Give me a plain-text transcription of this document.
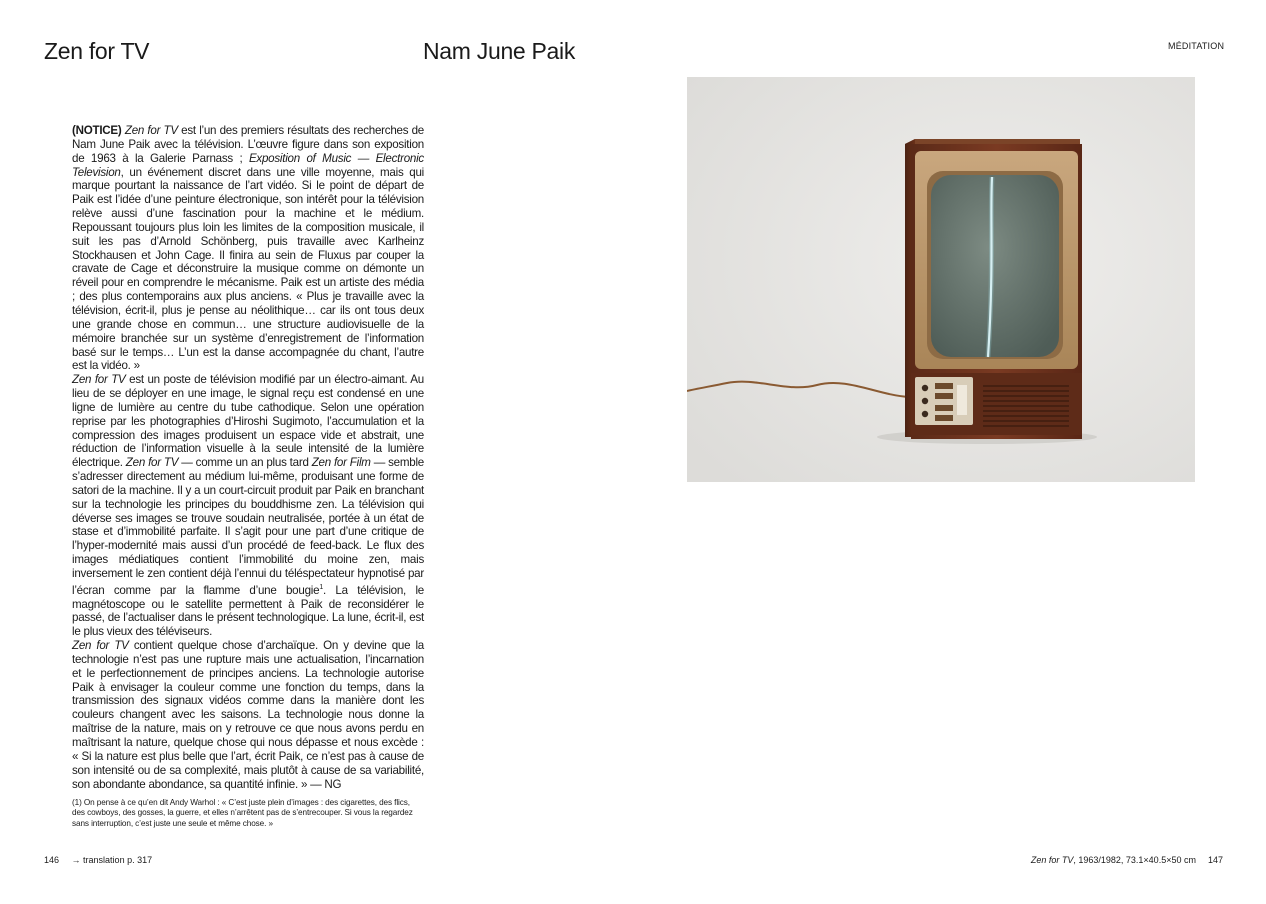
Zen for TV	Nam June Paik	MÉDITATION

(NOTICE) Zen for TV est l’un des premiers résultats des recherches de Nam June Paik avec la télévision. L’œuvre figure dans son exposition de 1963 à la Galerie Parnass ; Exposition of Music — Electronic Television, un événement discret dans une ville moyenne, mais qui marque pourtant la naissance de l’art vidéo. Si le point de départ de Paik est l’idée d’une peinture électronique, son intérêt pour la télévision relève aussi d’une fascination pour la machine et le médium. Repoussant toujours plus loin les limites de la composition musicale, il suit les pas d’Arnold Schönberg, puis travaille avec Karlheinz Stockhausen et John Cage. Il finira au sein de Fluxus par couper la cravate de Cage et déconstruire la musique comme on démonte un réveil pour en comprendre le mécanisme. Paik est un artiste des média ; des plus contemporains aux plus anciens. « Plus je travaille avec la télévision, écrit-il, plus je pense au néolithique… car ils ont tous deux une grande chose en commun… une structure audiovisuelle de la mémoire branchée sur un système d’enregistrement de l’information basé sur le temps… L’un est la danse accompagnée du chant, l’autre est la vidéo. »

Zen for TV est un poste de télévision modifié par un électro-aimant. Au lieu de se déployer en une image, le signal reçu est condensé en une ligne de lumière au centre du tube cathodique. Selon une opération reprise par les photographies d’Hiroshi Sugimoto, l’accumulation et la compression des images produisent un espace vide et abstrait, une réduction de l’information visuelle à la seule intensité de la lumière électrique. Zen for TV — comme un an plus tard Zen for Film — semble s’adresser directement au médium lui-même, produisant une forme de satori de la machine. Il y a un court-circuit produit par Paik en branchant sur la technologie les principes du bouddhisme zen. La télévision qui déverse ses images se trouve soudain neutralisée, portée à un état de stase et d’immobilité parfaite. Il s’agit pour une part d’une critique de l’hyper-modernité mais aussi d’un procédé de feed-back. Le flux des images médiatiques contient l’immobilité du moine zen, mais inversement le zen contient déjà l’ennui du téléspectateur hypnotisé par l’écran comme par la flamme d’une bougie$^1$. La télévision, le magnétoscope ou le satellite permettent à Paik de reconsidérer le passé, de l’actualiser dans le présent technologique. La lune, écrit-il, est le plus vieux des téléviseurs.

Zen for TV contient quelque chose d’archaïque. On y devine que la technologie n’est pas une rupture mais une actualisation, l’incarnation et le perfectionnement de principes anciens. La technologie autorise Paik à envisager la couleur comme une fonction du temps, dans la transmission des signaux vidéos comme dans la manière dont les couleurs changent avec les saisons. La technologie nous donne la maîtrise de la nature, mais on y retrouve ce que nous avons perdu en maîtrisant la nature, quelque chose qui nous dépasse et nous excède : « Si la nature est plus belle que l’art, écrit Paik, ce n’est pas à cause de son intensité ou de sa complexité, mais plutôt à cause de sa variabilité, son abondante abondance, sa quantité infinie. » — NG

(1) On pense à ce qu’en dit Andy Warhol : « C’est juste plein d’images : des cigarettes, des flics, des cowboys, des gosses, la guerre, et elles n’arrêtent pas de s’entrecouper. Si vous la regardez sans interruption, c’est juste une seule et même chose. »
146 → translation p. 317	Zen for TV, 1963/1982, 73.1×40.5×50 cm 147
